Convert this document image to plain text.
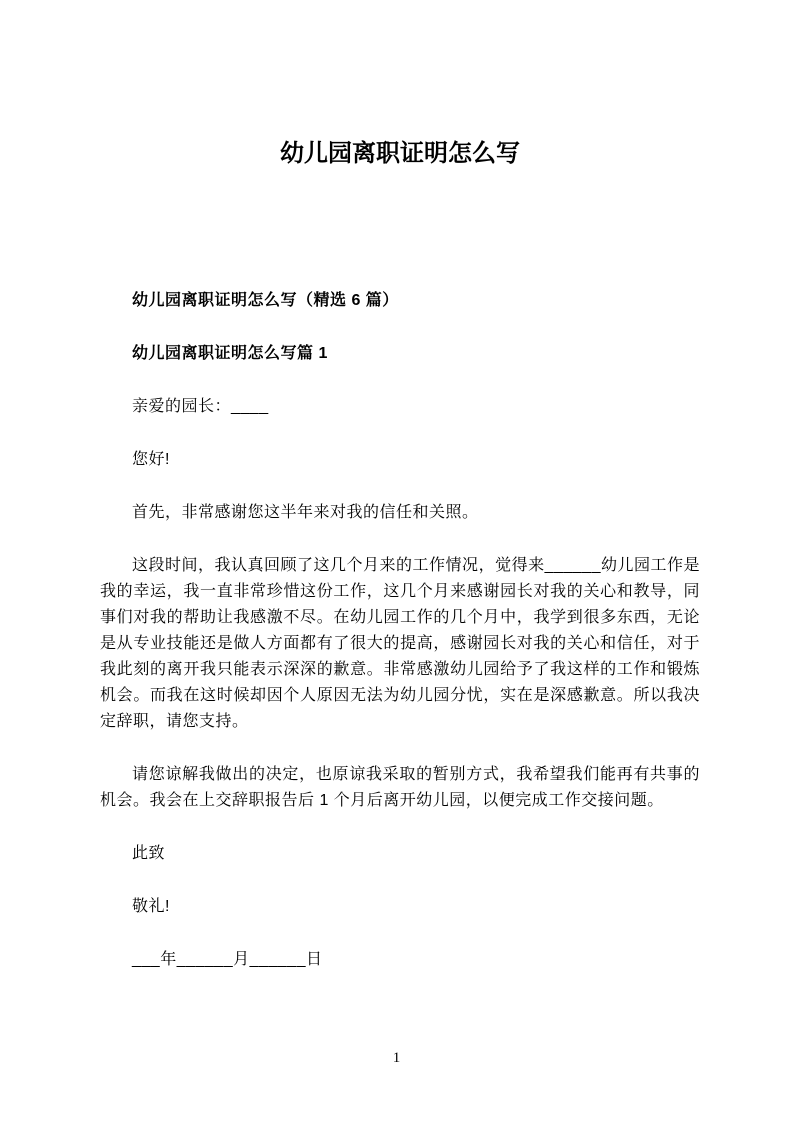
幼儿园离职证明怎么写

幼儿园离职证明怎么写（精选 6 篇）

幼儿园离职证明怎么写篇 1

亲爱的园长：____

您好!

首先，非常感谢您这半年来对我的信任和关照。

这段时间，我认真回顾了这几个月来的工作情况，觉得来______幼儿园工作是我的幸运，我一直非常珍惜这份工作，这几个月来感谢园长对我的关心和教导，同事们对我的帮助让我感激不尽。在幼儿园工作的几个月中，我学到很多东西，无论是从专业技能还是做人方面都有了很大的提高，感谢园长对我的关心和信任，对于我此刻的离开我只能表示深深的歉意。非常感激幼儿园给予了我这样的工作和锻炼机会。而我在这时候却因个人原因无法为幼儿园分忧，实在是深感歉意。所以我决定辞职，请您支持。

请您谅解我做出的决定，也原谅我采取的暂别方式，我希望我们能再有共事的机会。我会在上交辞职报告后 1 个月后离开幼儿园，以便完成工作交接问题。

此致

敬礼!

___年______月______日

1
